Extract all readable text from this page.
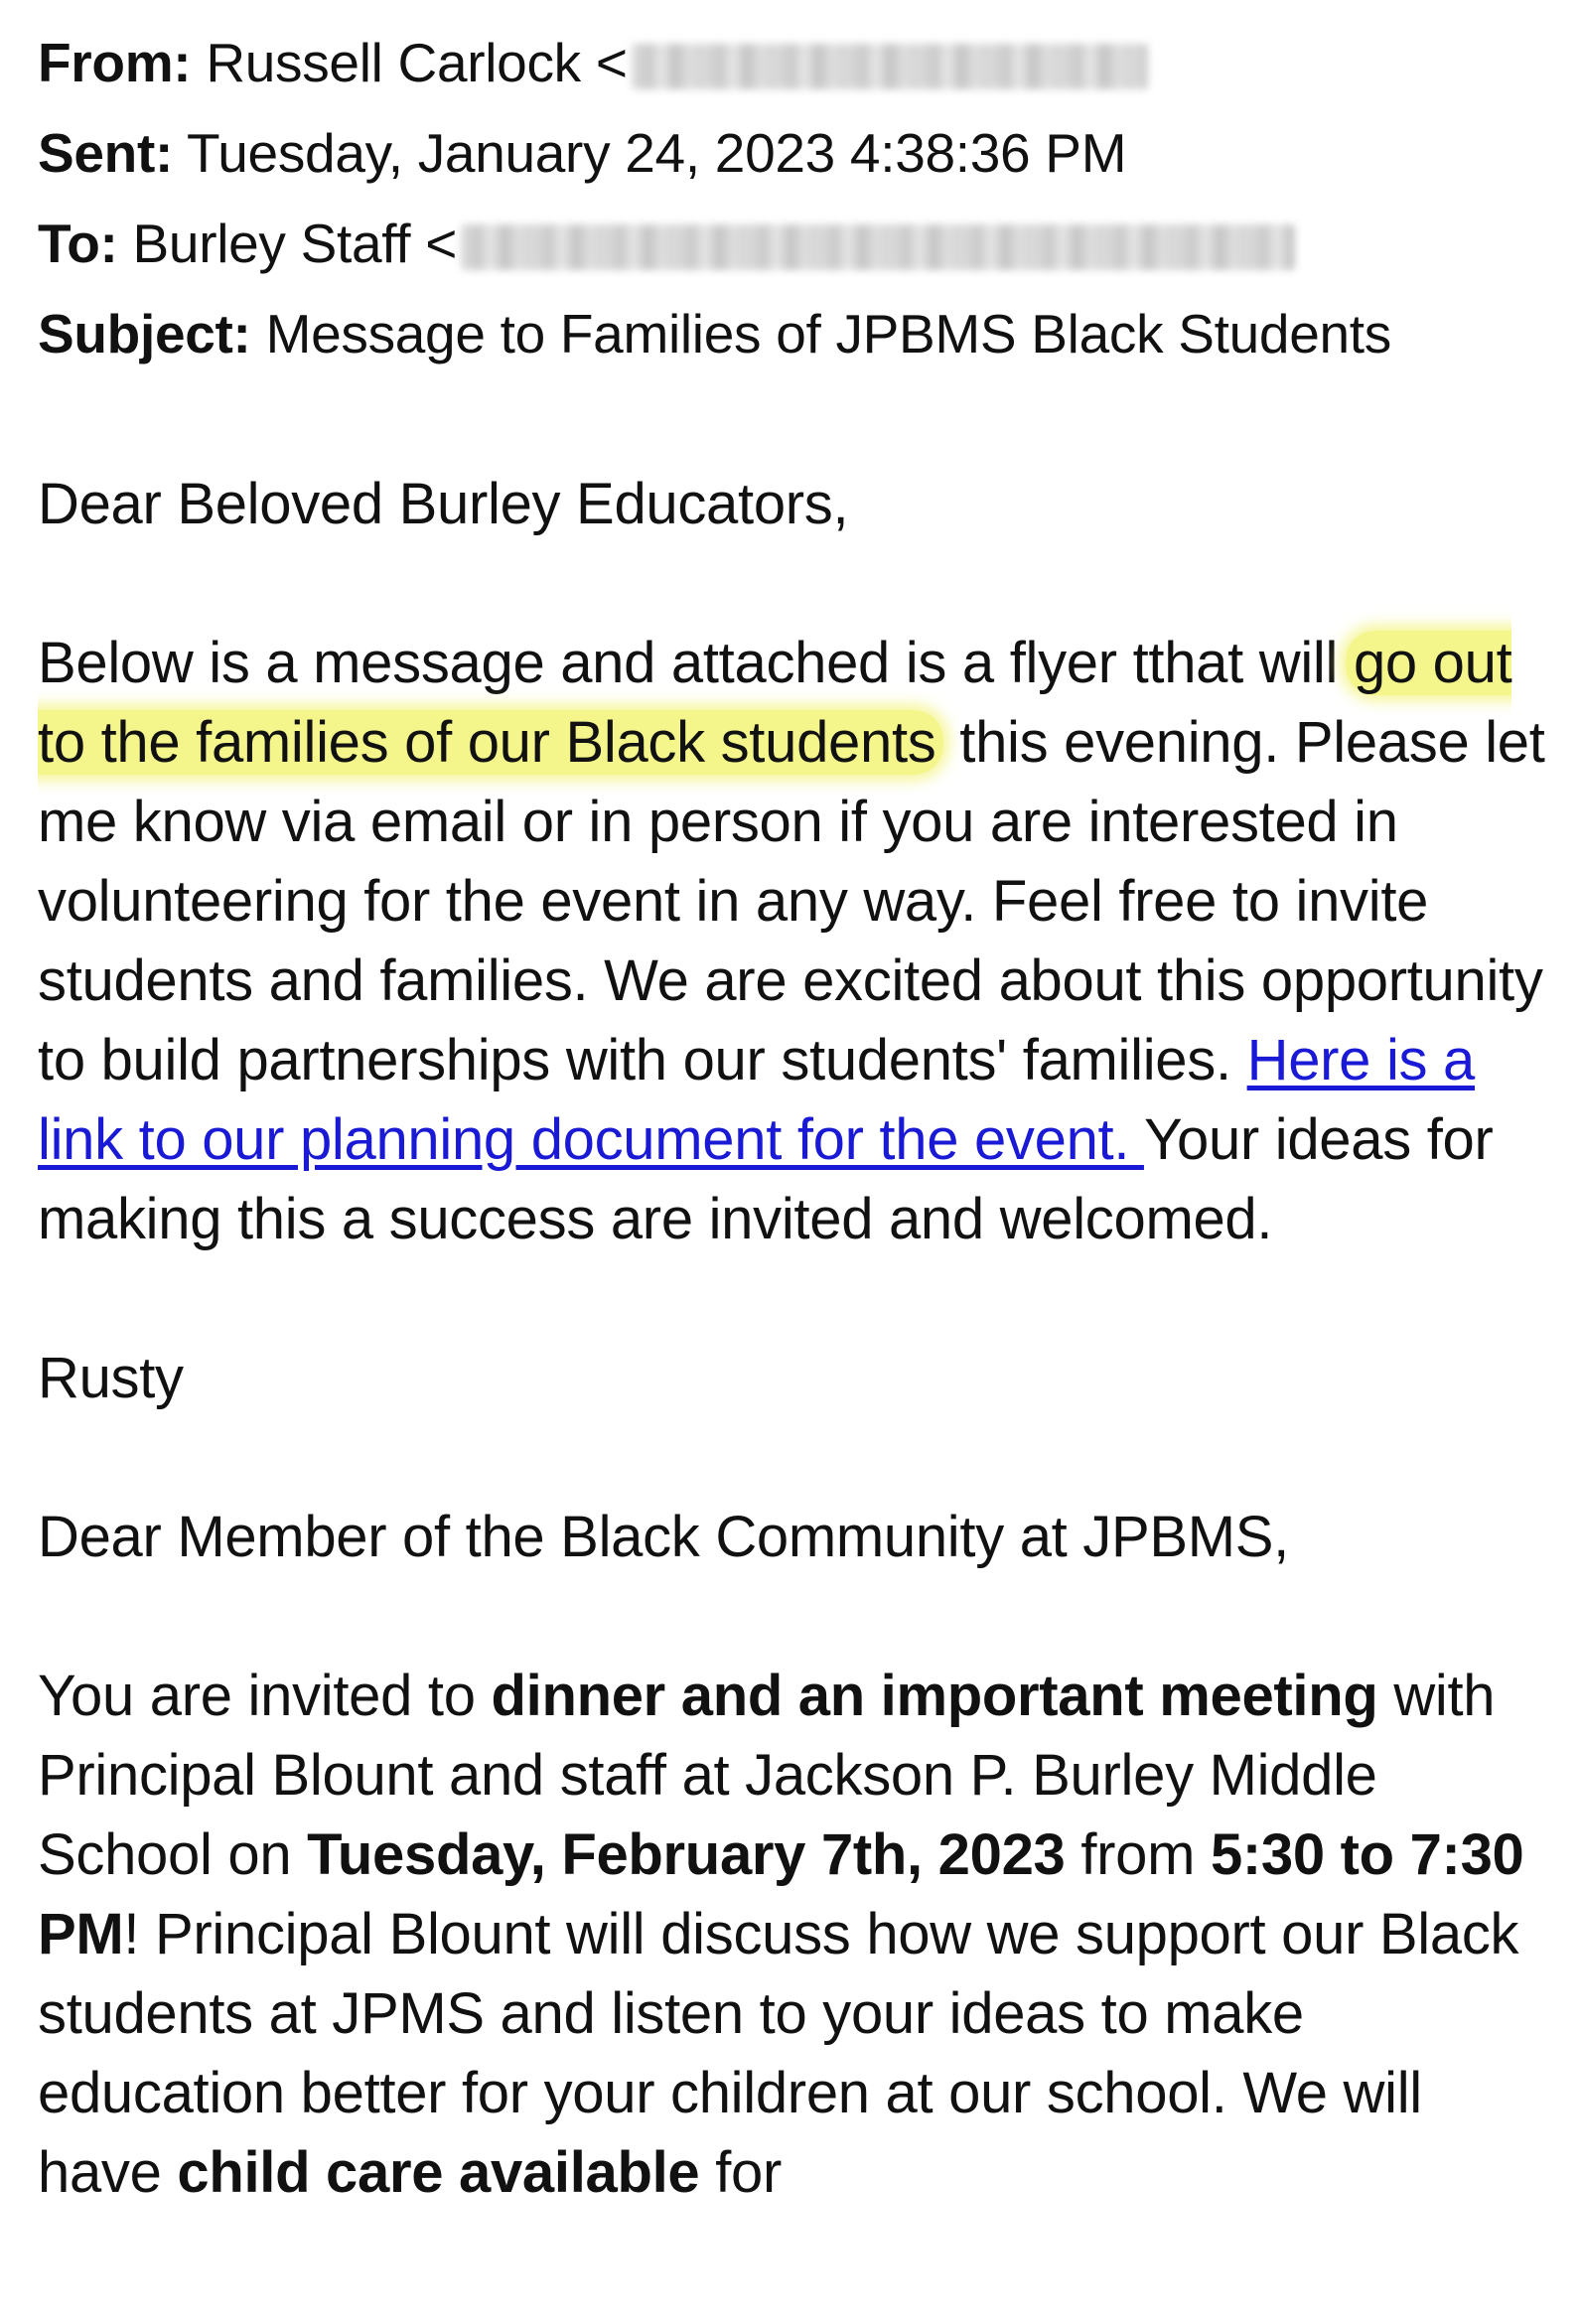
From: Russell Carlock <
Sent: Tuesday, January 24, 2023 4:38:36 PM
To: Burley Staff <
Subject: Message to Families of JPBMS Black Students

Dear Beloved Burley Educators,

Below is a message and attached is a flyer tthat will go out to the families of our Black students this evening. Please let me know via email or in person if you are interested in volunteering for the event in any way. Feel free to invite students and families. We are excited about this opportunity to build partnerships with our students' families. Here is a link to our planning document for the event. Your ideas for making this a success are invited and welcomed.

Rusty

Dear Member of the Black Community at JPBMS,

You are invited to dinner and an important meeting with Principal Blount and staff at Jackson P. Burley Middle School on Tuesday, February 7th, 2023 from 5:30 to 7:30 PM! Principal Blount will discuss how we support our Black students at JPMS and listen to your ideas to make education better for your children at our school. We will have child care available for
